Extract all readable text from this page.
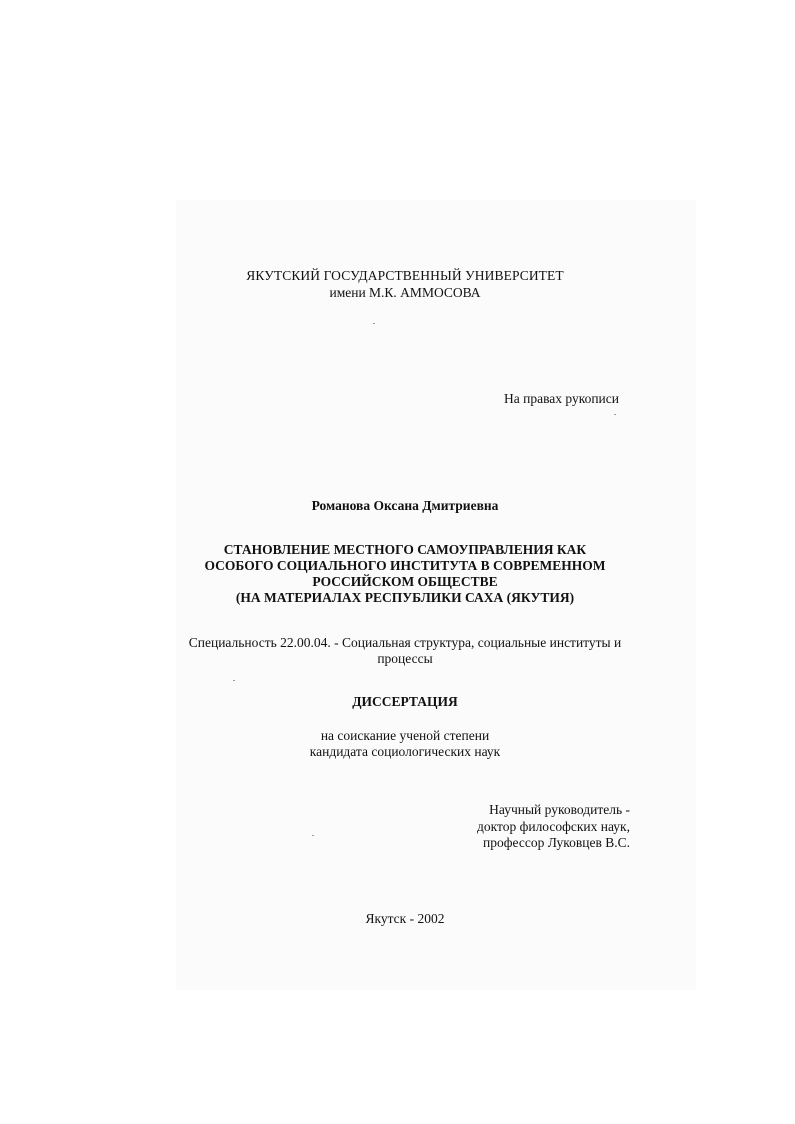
ЯКУТСКИЙ ГОСУДАРСТВЕННЫЙ УНИВЕРСИТЕТ
имени М.К. АММОСОВА
На правах рукописи
Романова Оксана Дмитриевна
СТАНОВЛЕНИЕ МЕСТНОГО САМОУПРАВЛЕНИЯ КАК
ОСОБОГО СОЦИАЛЬНОГО ИНСТИТУТА В СОВРЕМЕННОМ
РОССИЙСКОМ ОБЩЕСТВЕ
(НА МАТЕРИАЛАХ РЕСПУБЛИКИ САХА (ЯКУТИЯ)
Специальность 22.00.04. - Социальная структура, социальные институты и
процессы
ДИССЕРТАЦИЯ
на соискание ученой степени
кандидата социологических наук
Научный руководитель -
доктор философских наук,
профессор Луковцев В.С.
Якутск - 2002
